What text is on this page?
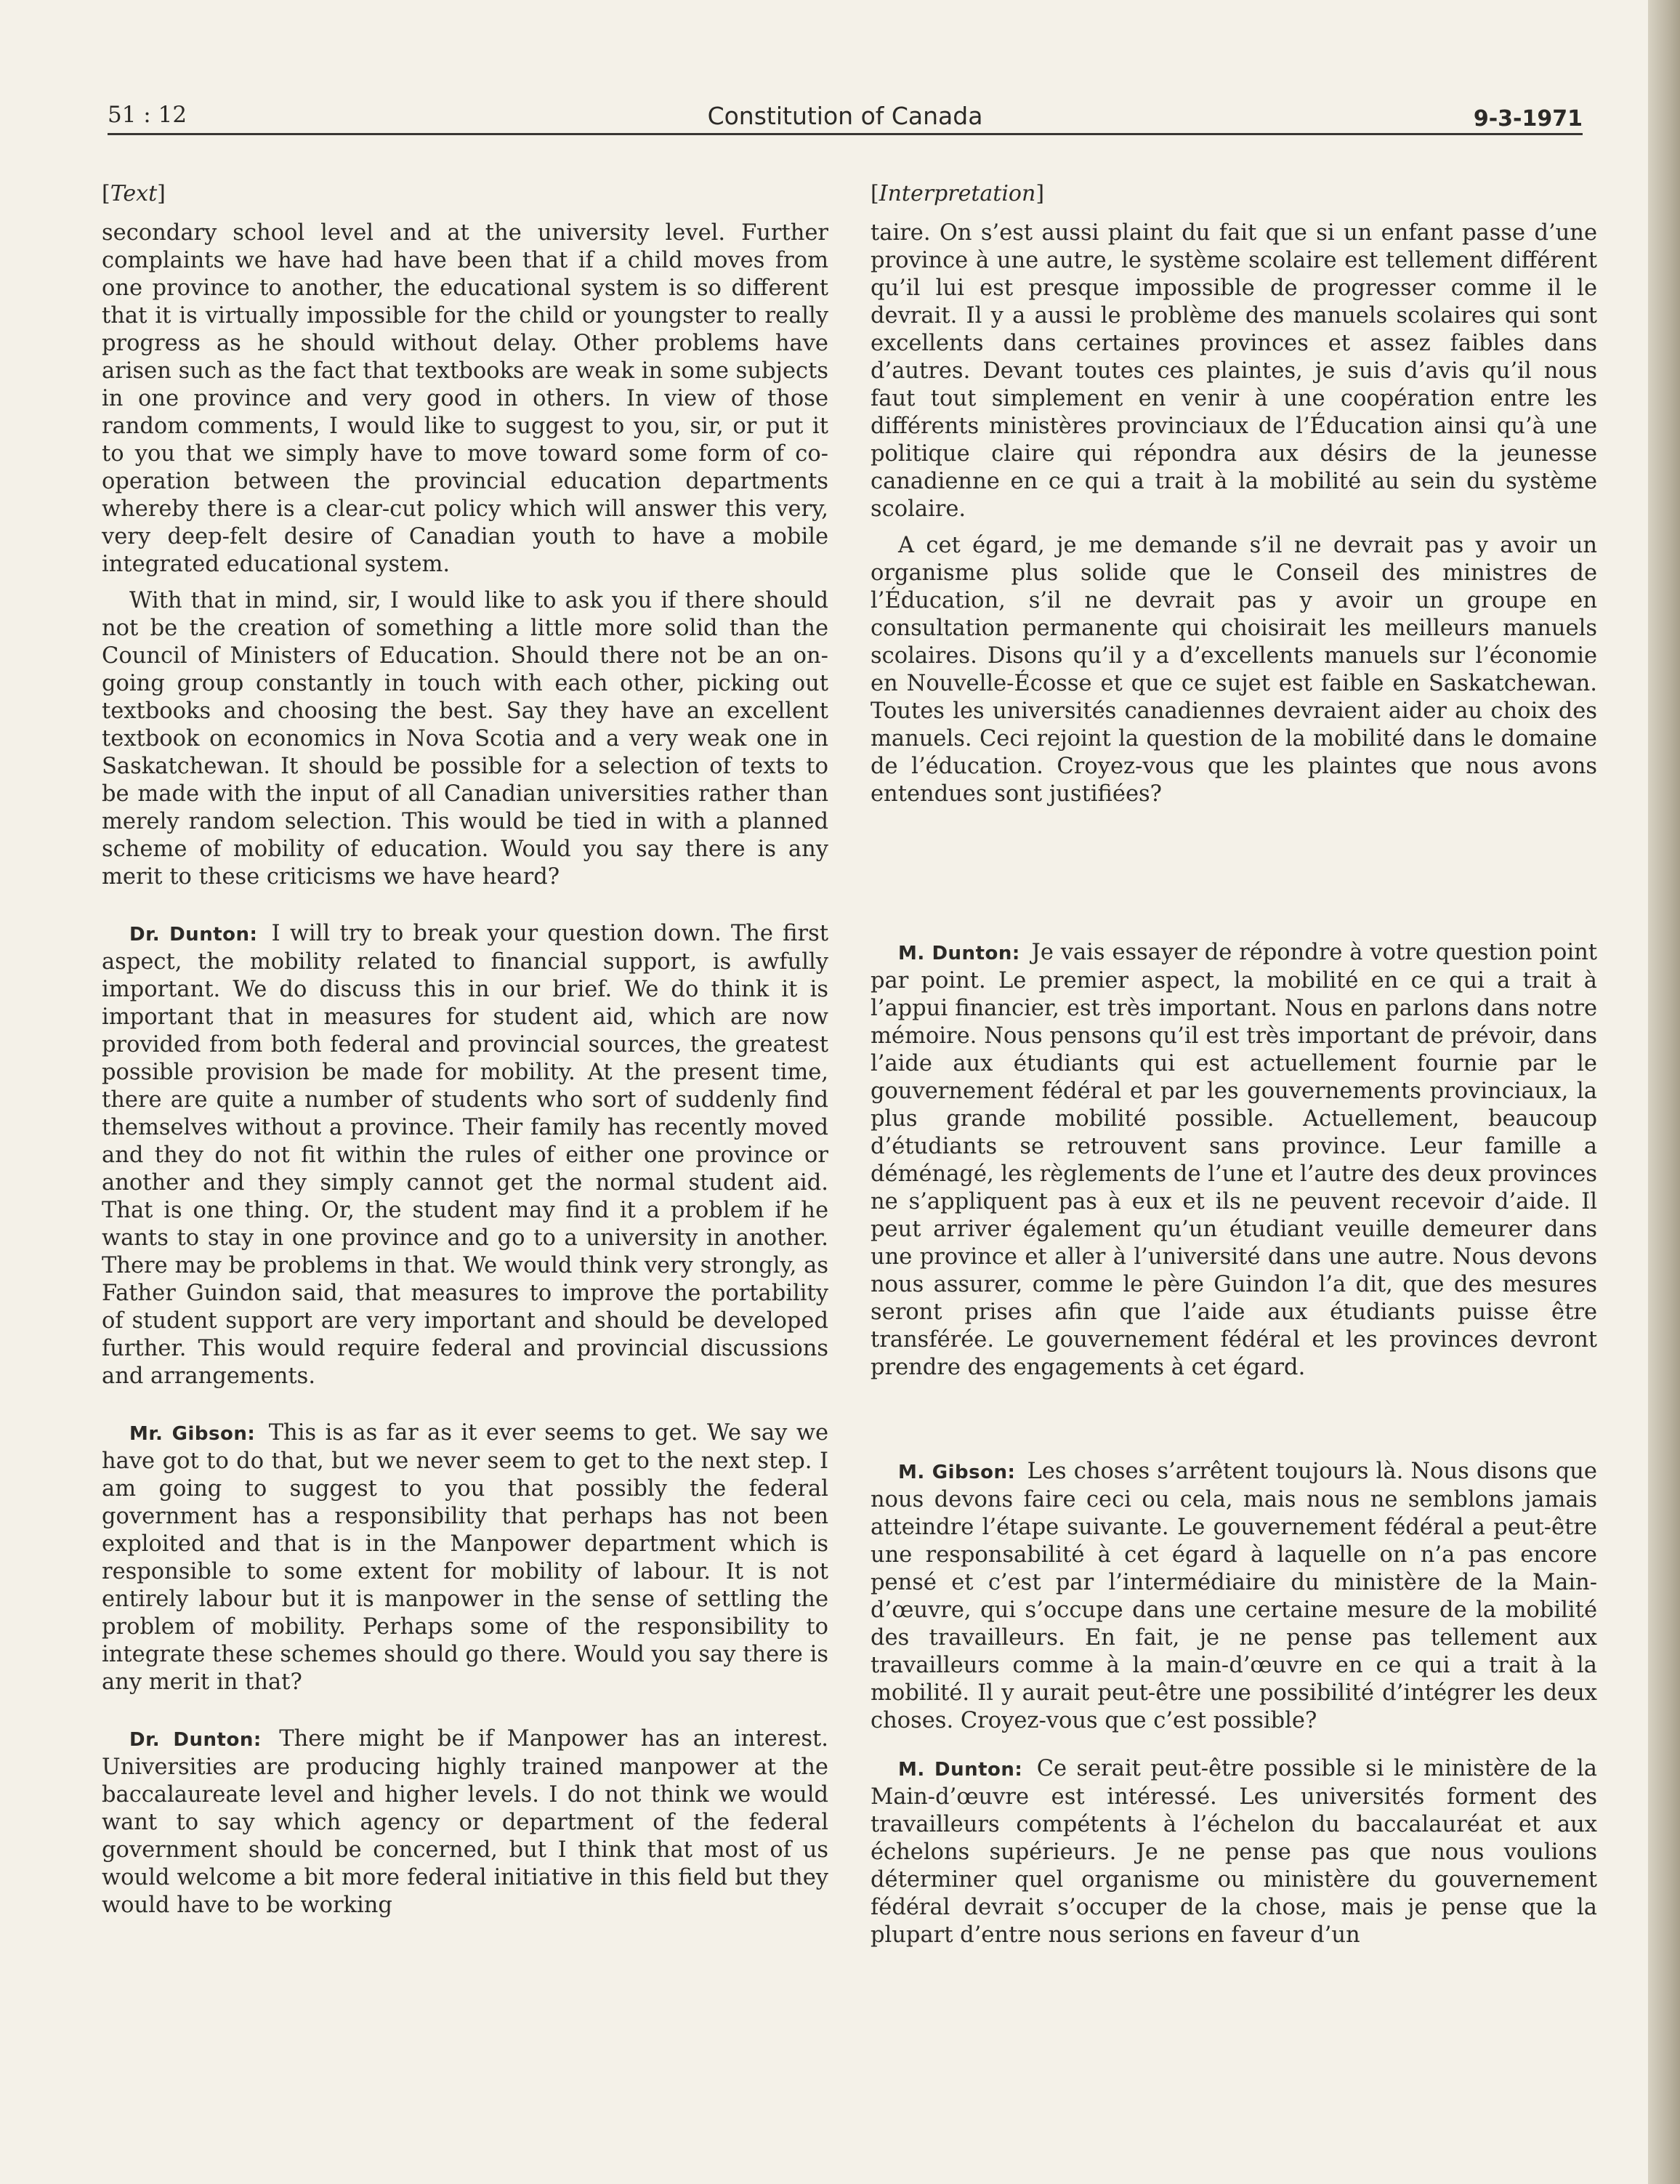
51 : 12	Constitution of Canada	9-3-1971
[Text]

secondary school level and at the university level. Further complaints we have had have been that if a child moves from one province to another, the educational system is so different that it is virtually impossible for the child or youngster to really progress as he should without delay. Other problems have arisen such as the fact that textbooks are weak in some subjects in one province and very good in others. In view of those random comments, I would like to suggest to you, sir, or put it to you that we simply have to move toward some form of co-operation between the provincial education departments whereby there is a clear-cut policy which will answer this very, very deep-felt desire of Canadian youth to have a mobile integrated educational system.

With that in mind, sir, I would like to ask you if there should not be the creation of something a little more solid than the Council of Ministers of Education. Should there not be an on-going group constantly in touch with each other, picking out textbooks and choosing the best. Say they have an excellent textbook on economics in Nova Scotia and a very weak one in Saskatchewan. It should be possible for a selection of texts to be made with the input of all Canadian universities rather than merely random selection. This would be tied in with a planned scheme of mobility of education. Would you say there is any merit to these criticisms we have heard?

Dr. Dunton: I will try to break your question down. The first aspect, the mobility related to financial support, is awfully important. We do discuss this in our brief. We do think it is important that in measures for student aid, which are now provided from both federal and provincial sources, the greatest possible provision be made for mobility. At the present time, there are quite a number of students who sort of suddenly find themselves without a province. Their family has recently moved and they do not fit within the rules of either one province or another and they simply cannot get the normal student aid. That is one thing. Or, the student may find it a problem if he wants to stay in one province and go to a university in another. There may be problems in that. We would think very strongly, as Father Guindon said, that measures to improve the portability of student support are very important and should be developed further. This would require federal and provincial discussions and arrangements.

Mr. Gibson: This is as far as it ever seems to get. We say we have got to do that, but we never seem to get to the next step. I am going to suggest to you that possibly the federal government has a responsibility that perhaps has not been exploited and that is in the Manpower department which is responsible to some extent for mobility of labour. It is not entirely labour but it is manpower in the sense of settling the problem of mobility. Perhaps some of the responsibility to integrate these schemes should go there. Would you say there is any merit in that?

Dr. Dunton: There might be if Manpower has an interest. Universities are producing highly trained manpower at the baccalaureate level and higher levels. I do not think we would want to say which agency or department of the federal government should be concerned, but I think that most of us would welcome a bit more federal initiative in this field but they would have to be working

[Interpretation]

taire. On s’est aussi plaint du fait que si un enfant passe d’une province à une autre, le système scolaire est tellement différent qu’il lui est presque impossible de progresser comme il le devrait. Il y a aussi le problème des manuels scolaires qui sont excellents dans certaines provinces et assez faibles dans d’autres. Devant toutes ces plaintes, je suis d’avis qu’il nous faut tout simplement en venir à une coopération entre les différents ministères provinciaux de l’Éducation ainsi qu’à une politique claire qui répondra aux désirs de la jeunesse canadienne en ce qui a trait à la mobilité au sein du système scolaire.

A cet égard, je me demande s’il ne devrait pas y avoir un organisme plus solide que le Conseil des ministres de l’Éducation, s’il ne devrait pas y avoir un groupe en consultation permanente qui choisirait les meilleurs manuels scolaires. Disons qu’il y a d’excellents manuels sur l’économie en Nouvelle-Écosse et que ce sujet est faible en Saskatchewan. Toutes les universités canadiennes devraient aider au choix des manuels. Ceci rejoint la question de la mobilité dans le domaine de l’éducation. Croyez-vous que les plaintes que nous avons entendues sont justifiées?

M. Dunton: Je vais essayer de répondre à votre question point par point. Le premier aspect, la mobilité en ce qui a trait à l’appui financier, est très important. Nous en parlons dans notre mémoire. Nous pensons qu’il est très important de prévoir, dans l’aide aux étudiants qui est actuellement fournie par le gouvernement fédéral et par les gouvernements provinciaux, la plus grande mobilité possible. Actuellement, beaucoup d’étudiants se retrouvent sans province. Leur famille a déménagé, les règlements de l’une et l’autre des deux provinces ne s’appliquent pas à eux et ils ne peuvent recevoir d’aide. Il peut arriver également qu’un étudiant veuille demeurer dans une province et aller à l’université dans une autre. Nous devons nous assurer, comme le père Guindon l’a dit, que des mesures seront prises afin que l’aide aux étudiants puisse être transférée. Le gouvernement fédéral et les provinces devront prendre des engagements à cet égard.

M. Gibson: Les choses s’arrêtent toujours là. Nous disons que nous devons faire ceci ou cela, mais nous ne semblons jamais atteindre l’étape suivante. Le gouvernement fédéral a peut-être une responsabilité à cet égard à laquelle on n’a pas encore pensé et c’est par l’intermédiaire du ministère de la Main-d’œuvre, qui s’occupe dans une certaine mesure de la mobilité des travailleurs. En fait, je ne pense pas tellement aux travailleurs comme à la main-d’œuvre en ce qui a trait à la mobilité. Il y aurait peut-être une possibilité d’intégrer les deux choses. Croyez-vous que c’est possible?

M. Dunton: Ce serait peut-être possible si le ministère de la Main-d’œuvre est intéressé. Les universités forment des travailleurs compétents à l’échelon du baccalauréat et aux échelons supérieurs. Je ne pense pas que nous voulions déterminer quel organisme ou ministère du gouvernement fédéral devrait s’occuper de la chose, mais je pense que la plupart d’entre nous serions en faveur d’un
